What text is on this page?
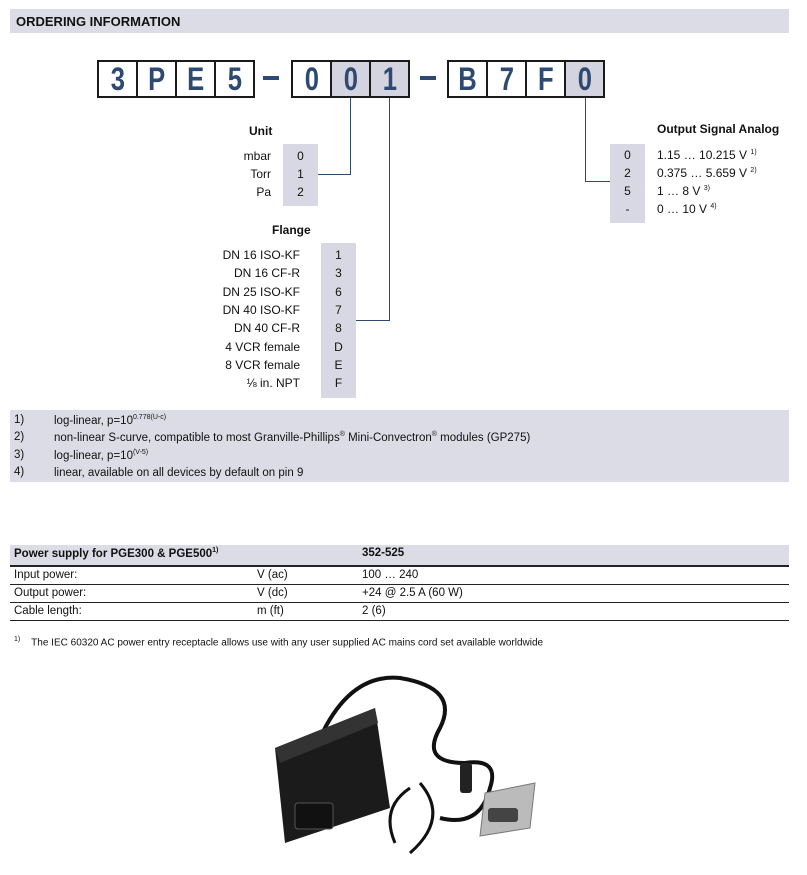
ORDERING INFORMATION
3 P E 5	0 0 1	B 7 F 0
Unit
mbar	0
Torr	1
Pa	2
Flange
DN 16 ISO-KF	1
DN 16 CF-R	3
DN 25 ISO-KF	6
DN 40 ISO-KF	7
DN 40 CF-R	8
4 VCR female	D
8 VCR female	E
⅛ in. NPT	F
Output Signal Analog
0	1.15 … 10.215 V $^{1)}$
2	0.375 … 5.659 V $^{2)}$
5	1 … 8 V $^{3)}$
-	0 … 10 V $^{4)}$
1)	log-linear, $p=10^{0.778(U-c)}$
2)	non-linear S-curve, compatible to most Granville-Phillips® Mini-Convectron® modules (GP275)
3)	log-linear, $p=10^{(V-5)}$
4)	linear, available on all devices by default on pin 9
Power supply for PGE300 & PGE500$^{1)}$	352-525
Input power:	V (ac)	100 … 240
Output power:	V (dc)	+24 @ 2.5 A (60 W)
Cable length:	m (ft)	2 (6)
$^{1)}$ The IEC 60320 AC power entry receptacle allows use with any user supplied AC mains cord set available worldwide
